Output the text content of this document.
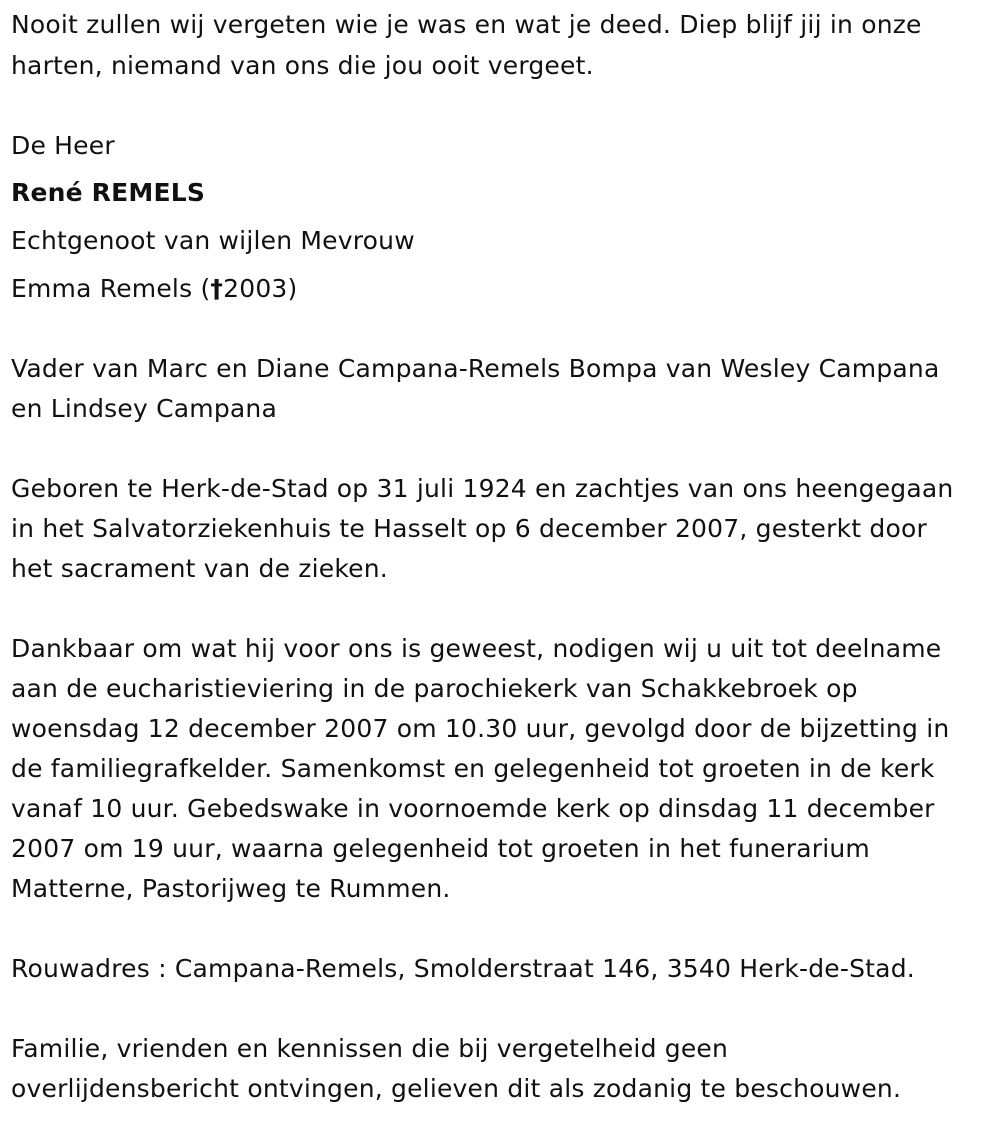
Nooit zullen wij vergeten wie je was en wat je deed. Diep blijf jij in onze
harten, niemand van ons die jou ooit vergeet.
De Heer
René REMELS
Echtgenoot van wijlen Mevrouw
Emma Remels (†2003)
Vader van Marc en Diane Campana-Remels Bompa van Wesley Campana
en Lindsey Campana
Geboren te Herk-de-Stad op 31 juli 1924 en zachtjes van ons heengegaan
in het Salvatorziekenhuis te Hasselt op 6 december 2007, gesterkt door
het sacrament van de zieken.
Dankbaar om wat hij voor ons is geweest, nodigen wij u uit tot deelname
aan de eucharistieviering in de parochiekerk van Schakkebroek op
woensdag 12 december 2007 om 10.30 uur, gevolgd door de bijzetting in
de familiegrafkelder. Samenkomst en gelegenheid tot groeten in de kerk
vanaf 10 uur. Gebedswake in voornoemde kerk op dinsdag 11 december
2007 om 19 uur, waarna gelegenheid tot groeten in het funerarium
Matterne, Pastorijweg te Rummen.
Rouwadres : Campana-Remels, Smolderstraat 146, 3540 Herk-de-Stad.
Familie, vrienden en kennissen die bij vergetelheid geen
overlijdensbericht ontvingen, gelieven dit als zodanig te beschouwen.
